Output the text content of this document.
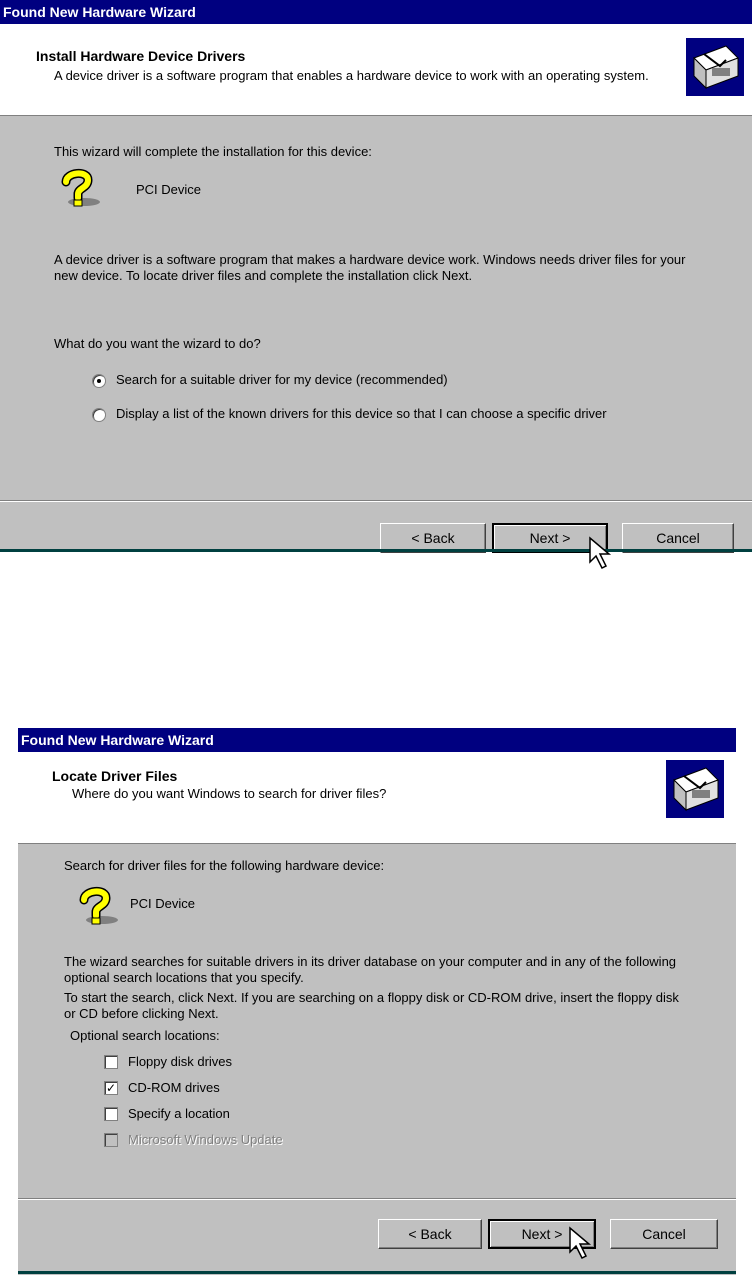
Found New Hardware Wizard
Install Hardware Device Drivers
A device driver is a software program that enables a hardware device to work with an operating system.
This wizard will complete the installation for this device:
PCI Device
A device driver is a software program that makes a hardware device work. Windows needs driver files for your new device. To locate driver files and complete the installation click Next.
What do you want the wizard to do?
Search for a suitable driver for my device (recommended)
Display a list of the known drivers for this device so that I can choose a specific driver
< Back	Next >	Cancel
Found New Hardware Wizard
Locate Driver Files
Where do you want Windows to search for driver files?
Search for driver files for the following hardware device:
PCI Device
The wizard searches for suitable drivers in its driver database on your computer and in any of the following optional search locations that you specify.
To start the search, click Next. If you are searching on a floppy disk or CD-ROM drive, insert the floppy disk or CD before clicking Next.
Optional search locations:
Floppy disk drives
✓ CD-ROM drives
Specify a location
Microsoft Windows Update
< Back	Next >	Cancel
